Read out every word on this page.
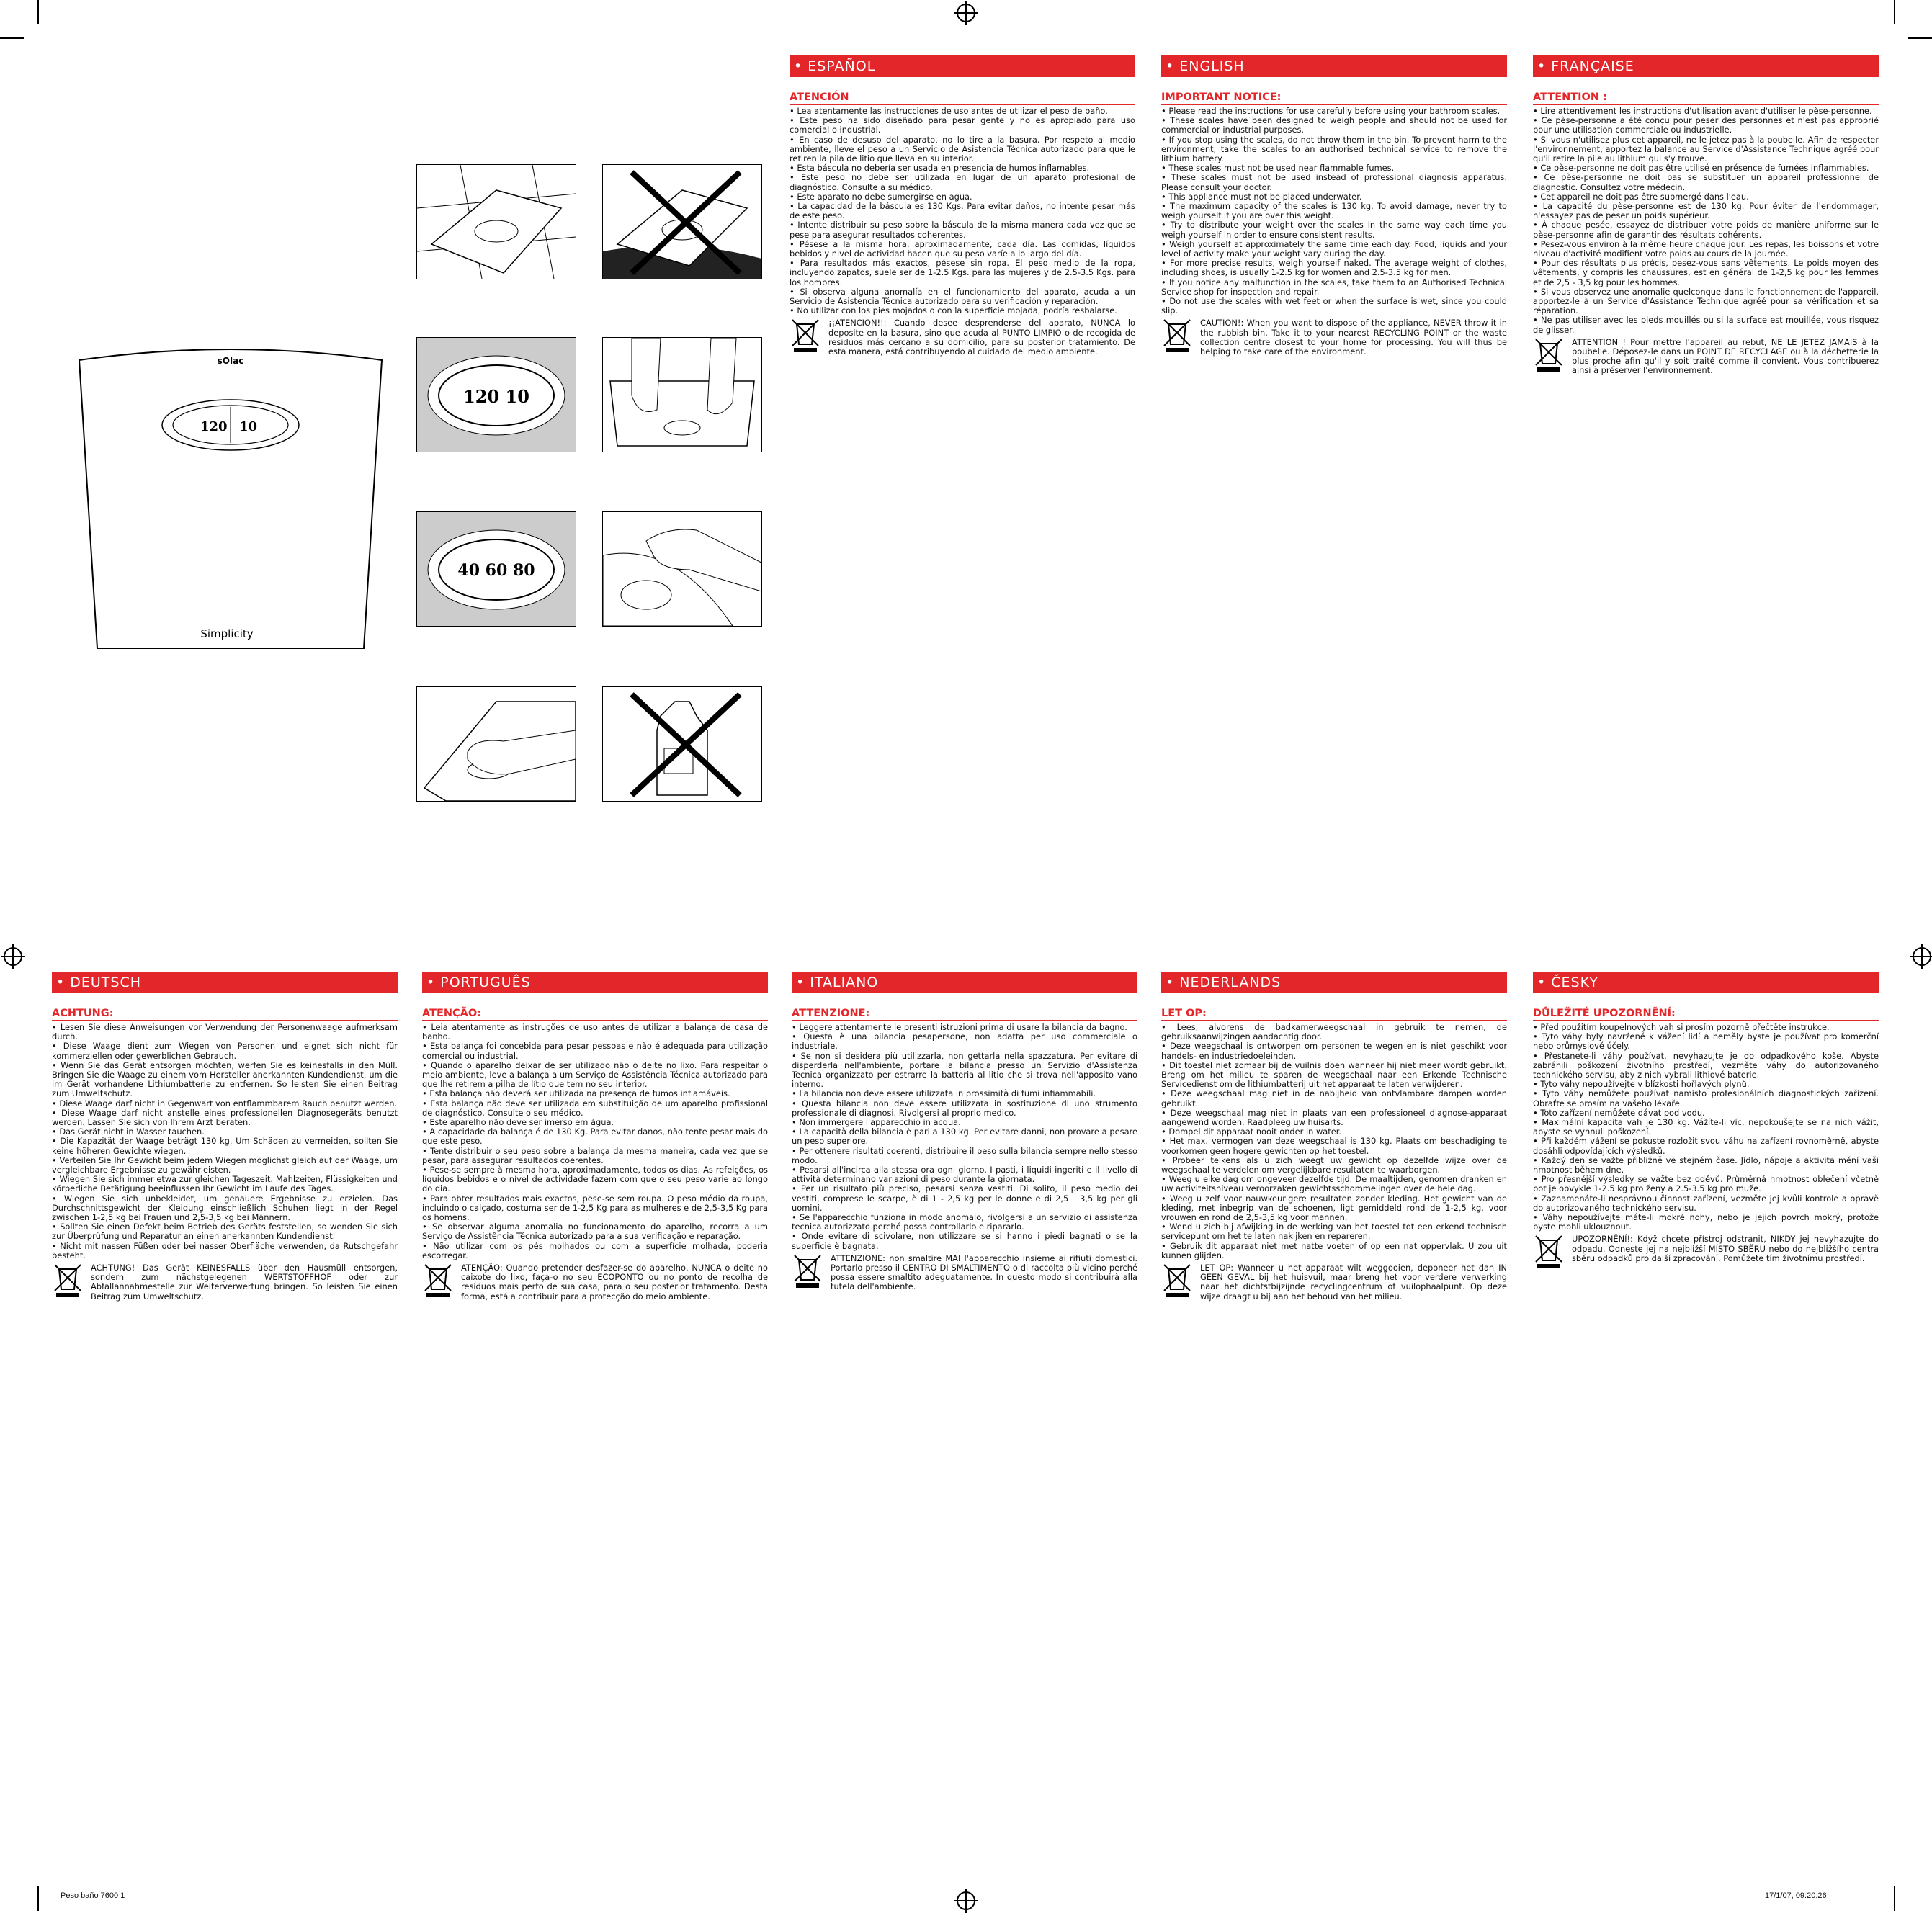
sOlac
120 10
Simplicity
120 10
40 60 80
• ESPAÑOL
ATENCIÓN

• Lea atentamente las instrucciones de uso antes de utilizar el peso de baño.

• Este peso ha sido diseñado para pesar gente y no es apropiado para uso comercial o industrial.

• En caso de desuso del aparato, no lo tire a la basura. Por respeto al medio ambiente, lleve el peso a un Servicio de Asistencia Técnica autorizado para que le retiren la pila de litio que lleva en su interior.

• Esta báscula no debería ser usada en presencia de humos inflamables.

• Este peso no debe ser utilizada en lugar de un aparato profesional de diagnóstico. Consulte a su médico.

• Este aparato no debe sumergirse en agua.

• La capacidad de la báscula es 130 Kgs. Para evitar daños, no intente pesar más de este peso.

• Intente distribuir su peso sobre la báscula de la misma manera cada vez que se pese para asegurar resultados coherentes.

• Pésese a la misma hora, aproximadamente, cada día. Las comidas, líquidos bebidos y nivel de actividad hacen que su peso varíe a lo largo del día.

• Para resultados más exactos, pésese sin ropa. El peso medio de la ropa, incluyendo zapatos, suele ser de 1-2.5 Kgs. para las mujeres y de 2.5-3.5 Kgs. para los hombres.

• Si observa alguna anomalía en el funcionamiento del aparato, acuda a un Servicio de Asistencia Técnica autorizado para su verificación y reparación.

• No utilizar con los pies mojados o con la superficie mojada, podría resbalarse.

¡¡ATENCION!!: Cuando desee desprenderse del aparato, NUNCA lo deposite en la basura, sino que acuda al PUNTO LIMPIO o de recogida de residuos más cercano a su domicilio, para su posterior tratamiento. De esta manera, está contribuyendo al cuidado del medio ambiente.
• ENGLISH
IMPORTANT NOTICE:

• Please read the instructions for use carefully before using your bathroom scales.

• These scales have been designed to weigh people and should not be used for commercial or industrial purposes.

• If you stop using the scales, do not throw them in the bin. To prevent harm to the environment, take the scales to an authorised technical service to remove the lithium battery.

• These scales must not be used near flammable fumes.

• These scales must not be used instead of professional diagnosis apparatus. Please consult your doctor.

• This appliance must not be placed underwater.

• The maximum capacity of the scales is 130 kg. To avoid damage, never try to weigh yourself if you are over this weight.

• Try to distribute your weight over the scales in the same way each time you weigh yourself in order to ensure consistent results.

• Weigh yourself at approximately the same time each day. Food, liquids and your level of activity make your weight vary during the day.

• For more precise results, weigh yourself naked. The average weight of clothes, including shoes, is usually 1-2.5 kg for women and 2.5-3.5 kg for men.

• If you notice any malfunction in the scales, take them to an Authorised Technical Service shop for inspection and repair.

• Do not use the scales with wet feet or when the surface is wet, since you could slip.

CAUTION!: When you want to dispose of the appliance, NEVER throw it in the rubbish bin. Take it to your nearest RECYCLING POINT or the waste collection centre closest to your home for processing. You will thus be helping to take care of the environment.
• FRANÇAISE
ATTENTION :

• Lire attentivement les instructions d'utilisation avant d'utiliser le pèse-personne.

• Ce pèse-personne a été conçu pour peser des personnes et n'est pas approprié pour une utilisation commerciale ou industrielle.

• Si vous n'utilisez plus cet appareil, ne le jetez pas à la poubelle. Afin de respecter l'environnement, apportez la balance au Service d'Assistance Technique agréé pour qu'il retire la pile au lithium qui s'y trouve.

• Ce pèse-personne ne doit pas être utilisé en présence de fumées inflammables.

• Ce pèse-personne ne doit pas se substituer un appareil professionnel de diagnostic. Consultez votre médecin.

• Cet appareil ne doit pas être submergé dans l'eau.

• La capacité du pèse-personne est de 130 kg. Pour éviter de l'endommager, n'essayez pas de peser un poids supérieur.

• À chaque pesée, essayez de distribuer votre poids de manière uniforme sur le pèse-personne afin de garantir des résultats cohérents.

• Pesez-vous environ à la même heure chaque jour. Les repas, les boissons et votre niveau d'activité modifient votre poids au cours de la journée.

• Pour des résultats plus précis, pesez-vous sans vêtements. Le poids moyen des vêtements, y compris les chaussures, est en général de 1-2,5 kg pour les femmes et de 2,5 - 3,5 kg pour les hommes.

• Si vous observez une anomalie quelconque dans le fonctionnement de l'appareil, apportez-le à un Service d'Assistance Technique agréé pour sa vérification et sa réparation.

• Ne pas utiliser avec les pieds mouillés ou si la surface est mouillée, vous risquez de glisser.

ATTENTION ! Pour mettre l'appareil au rebut, NE LE JETEZ JAMAIS à la poubelle. Déposez-le dans un POINT DE RECYCLAGE ou à la déchetterie la plus proche afin qu'il y soit traité comme il convient. Vous contribuerez ainsi à préserver l'environnement.
• DEUTSCH
ACHTUNG:

• Lesen Sie diese Anweisungen vor Verwendung der Personenwaage aufmerksam durch.

• Diese Waage dient zum Wiegen von Personen und eignet sich nicht für kommerziellen oder gewerblichen Gebrauch.

• Wenn Sie das Gerät entsorgen möchten, werfen Sie es keinesfalls in den Müll. Bringen Sie die Waage zu einem vom Hersteller anerkannten Kundendienst, um die im Gerät vorhandene Lithiumbatterie zu entfernen. So leisten Sie einen Beitrag zum Umweltschutz.

• Diese Waage darf nicht in Gegenwart von entflammbarem Rauch benutzt werden.

• Diese Waage darf nicht anstelle eines professionellen Diagnosegeräts benutzt werden. Lassen Sie sich von Ihrem Arzt beraten.

• Das Gerät nicht in Wasser tauchen.

• Die Kapazität der Waage beträgt 130 kg. Um Schäden zu vermeiden, sollten Sie keine höheren Gewichte wiegen.

• Verteilen Sie Ihr Gewicht beim jedem Wiegen möglichst gleich auf der Waage, um vergleichbare Ergebnisse zu gewährleisten.

• Wiegen Sie sich immer etwa zur gleichen Tageszeit. Mahlzeiten, Flüssigkeiten und körperliche Betätigung beeinflussen Ihr Gewicht im Laufe des Tages.

• Wiegen Sie sich unbekleidet, um genauere Ergebnisse zu erzielen. Das Durchschnittsgewicht der Kleidung einschließlich Schuhen liegt in der Regel zwischen 1-2,5 kg bei Frauen und 2,5-3,5 kg bei Männern.

• Sollten Sie einen Defekt beim Betrieb des Geräts feststellen, so wenden Sie sich zur Überprüfung und Reparatur an einen anerkannten Kundendienst.

• Nicht mit nassen Füßen oder bei nasser Oberfläche verwenden, da Rutschgefahr besteht.

ACHTUNG! Das Gerät KEINESFALLS über den Hausmüll entsorgen, sondern zum nächstgelegenen WERTSTOFFHOF oder zur Abfallannahmestelle zur Weiterverwertung bringen. So leisten Sie einen Beitrag zum Umweltschutz.
• PORTUGUÊS
ATENÇÃO:

• Leia atentamente as instruções de uso antes de utilizar a balança de casa de banho.

• Esta balança foi concebida para pesar pessoas e não é adequada para utilização comercial ou industrial.

• Quando o aparelho deixar de ser utilizado não o deite no lixo. Para respeitar o meio ambiente, leve a balança a um Serviço de Assistência Técnica autorizado para que lhe retirem a pilha de lítio que tem no seu interior.

• Esta balança não deverá ser utilizada na presença de fumos inflamáveis.

• Esta balança não deve ser utilizada em substituição de um aparelho profissional de diagnóstico. Consulte o seu médico.

• Este aparelho não deve ser imerso em água.

• A capacidade da balança é de 130 Kg. Para evitar danos, não tente pesar mais do que este peso.

• Tente distribuir o seu peso sobre a balança da mesma maneira, cada vez que se pesar, para assegurar resultados coerentes.

• Pese-se sempre à mesma hora, aproximadamente, todos os dias. As refeições, os líquidos bebidos e o nível de actividade fazem com que o seu peso varie ao longo do dia.

• Para obter resultados mais exactos, pese-se sem roupa. O peso médio da roupa, incluindo o calçado, costuma ser de 1-2,5 Kg para as mulheres e de 2,5-3,5 Kg para os homens.

• Se observar alguma anomalia no funcionamento do aparelho, recorra a um Serviço de Assistência Técnica autorizado para a sua verificação e reparação.

• Não utilizar com os pés molhados ou com a superfície molhada, poderia escorregar.

ATENÇÃO: Quando pretender desfazer-se do aparelho, NUNCA o deite no caixote do lixo, faça-o no seu ECOPONTO ou no ponto de recolha de resíduos mais perto de sua casa, para o seu posterior tratamento. Desta forma, está a contribuir para a protecção do meio ambiente.
• ITALIANO
ATTENZIONE:

• Leggere attentamente le presenti istruzioni prima di usare la bilancia da bagno.

• Questa è una bilancia pesapersone, non adatta per uso commerciale o industriale.

• Se non si desidera più utilizzarla, non gettarla nella spazzatura. Per evitare di disperderla nell'ambiente, portare la bilancia presso un Servizio d'Assistenza Tecnica organizzato per estrarre la batteria al litio che si trova nell'apposito vano interno.

• La bilancia non deve essere utilizzata in prossimità di fumi infiammabili.

• Questa bilancia non deve essere utilizzata in sostituzione di uno strumento professionale di diagnosi. Rivolgersi al proprio medico.

• Non immergere l'apparecchio in acqua.

• La capacità della bilancia è pari a 130 kg. Per evitare danni, non provare a pesare un peso superiore.

• Per ottenere risultati coerenti, distribuire il peso sulla bilancia sempre nello stesso modo.

• Pesarsi all'incirca alla stessa ora ogni giorno. I pasti, i liquidi ingeriti e il livello di attività determinano variazioni di peso durante la giornata.

• Per un risultato più preciso, pesarsi senza vestiti. Di solito, il peso medio dei vestiti, comprese le scarpe, è di 1 - 2,5 kg per le donne e di 2,5 – 3,5 kg per gli uomini.

• Se l'apparecchio funziona in modo anomalo, rivolgersi a un servizio di assistenza tecnica autorizzato perché possa controllarlo e ripararlo.

• Onde evitare di scivolare, non utilizzare se si hanno i piedi bagnati o se la superficie è bagnata.

ATTENZIONE: non smaltire MAI l'apparecchio insieme ai rifiuti domestici. Portarlo presso il CENTRO DI SMALTIMENTO o di raccolta più vicino perché possa essere smaltito adeguatamente. In questo modo si contribuirà alla tutela dell'ambiente.
• NEDERLANDS
LET OP:

• Lees, alvorens de badkamerweegschaal in gebruik te nemen, de gebruiksaanwijzingen aandachtig door.

• Deze weegschaal is ontworpen om personen te wegen en is niet geschikt voor handels- en industriedoeleinden.

• Dit toestel niet zomaar bij de vuilnis doen wanneer hij niet meer wordt gebruikt. Breng om het milieu te sparen de weegschaal naar een Erkende Technische Servicedienst om de lithiumbatterij uit het apparaat te laten verwijderen.

• Deze weegschaal mag niet in de nabijheid van ontvlambare dampen worden gebruikt.

• Deze weegschaal mag niet in plaats van een professioneel diagnose-apparaat aangewend worden. Raadpleeg uw huisarts.

• Dompel dit apparaat nooit onder in water.

• Het max. vermogen van deze weegschaal is 130 kg. Plaats om beschadiging te voorkomen geen hogere gewichten op het toestel.

• Probeer telkens als u zich weegt uw gewicht op dezelfde wijze over de weegschaal te verdelen om vergelijkbare resultaten te waarborgen.

• Weeg u elke dag om ongeveer dezelfde tijd. De maaltijden, genomen dranken en uw activiteitsniveau veroorzaken gewichtsschommelingen over de hele dag.

• Weeg u zelf voor nauwkeurigere resultaten zonder kleding. Het gewicht van de kleding, met inbegrip van de schoenen, ligt gemiddeld rond de 1-2,5 kg. voor vrouwen en rond de 2,5-3,5 kg voor mannen.

• Wend u zich bij afwijking in de werking van het toestel tot een erkend technisch servicepunt om het te laten nakijken en repareren.

• Gebruik dit apparaat niet met natte voeten of op een nat oppervlak. U zou uit kunnen glijden.

LET OP: Wanneer u het apparaat wilt weggooien, deponeer het dan IN GEEN GEVAL bij het huisvuil, maar breng het voor verdere verwerking naar het dichtstbijzijnde recyclingcentrum of vuilophaalpunt. Op deze wijze draagt u bij aan het behoud van het milieu.
• ČESKY
DŮLEŽITÉ UPOZORNĚNÍ:

• Před použitím koupelnových vah si prosím pozorně přečtěte instrukce.

• Tyto váhy byly navržené k vážení lidí a neměly byste je používat pro komerční nebo průmyslové účely.

• Přestanete-li váhy používat, nevyhazujte je do odpadkového koše. Abyste zabránili poškození životního prostředí, vezměte váhy do autorizovaného technického servisu, aby z nich vybrali lithiové baterie.

• Tyto váhy nepoužívejte v blízkosti hořlavých plynů.

• Tyto váhy nemůžete používat namísto profesionálních diagnostických zařízení. Obraťte se prosím na vašeho lékaře.

• Toto zařízení nemůžete dávat pod vodu.

• Maximální kapacita vah je 130 kg. Vážíte-li víc, nepokoušejte se na nich vážit, abyste se vyhnuli poškození.

• Při každém vážení se pokuste rozložit svou váhu na zařízení rovnoměrně, abyste dosáhli odpovídajících výsledků.

• Každý den se važte přibližně ve stejném čase. Jídlo, nápoje a aktivita mění vaši hmotnost během dne.

• Pro přesnější výsledky se važte bez oděvů. Průměrná hmotnost oblečení včetně bot je obvykle 1-2.5 kg pro ženy a 2.5-3.5 kg pro muže.

• Zaznamenáte-li nesprávnou činnost zařízení, vezměte jej kvůli kontrole a opravě do autorizovaného technického servisu.

• Váhy nepoužívejte máte-li mokré nohy, nebo je jejich povrch mokrý, protože byste mohli uklouznout.

UPOZORNĚNÍ!: Když chcete přístroj odstranit, NIKDY jej nevyhazujte do odpadu. Odneste jej na nejbližší MÍSTO SBĚRU nebo do nejbližšího centra sběru odpadků pro další zpracování. Pomůžete tím životnímu prostředí.
Peso baño 7600 1	17/1/07, 09:20:26
